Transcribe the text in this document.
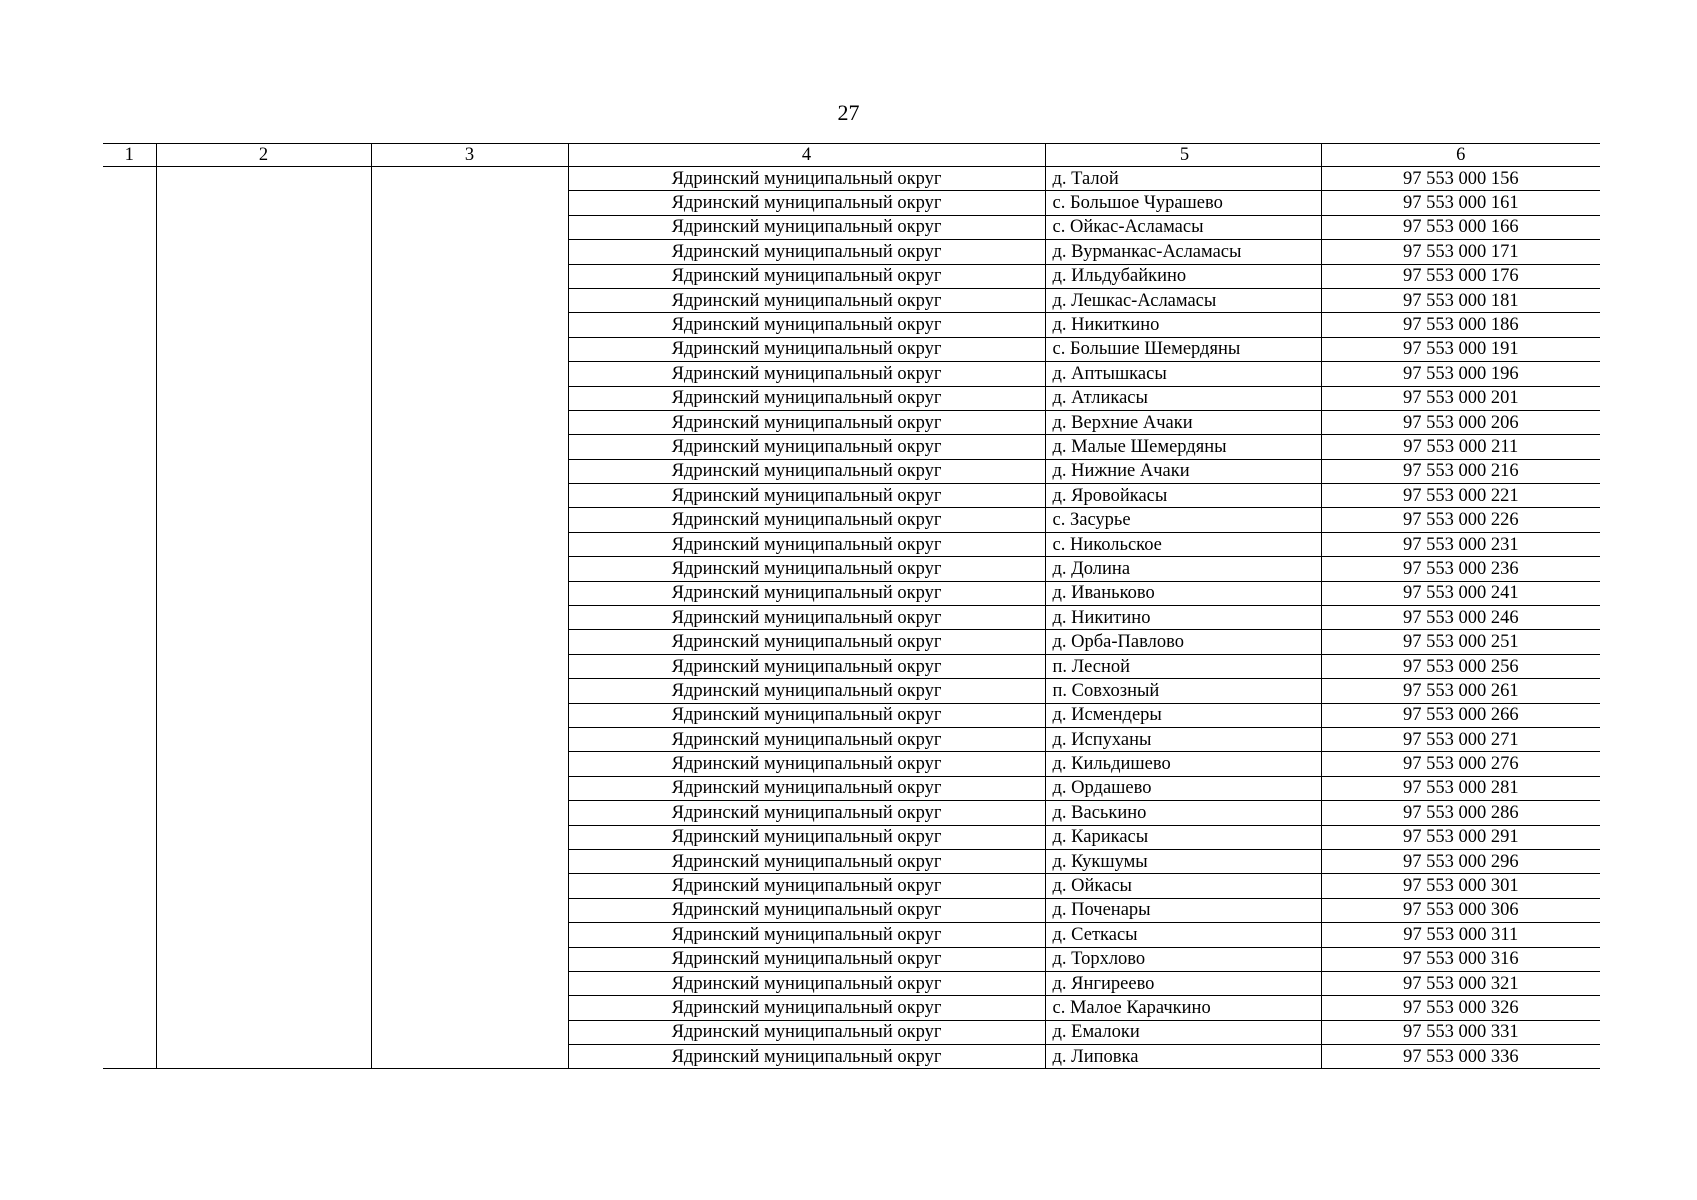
27
1	2	3	4	5	6
			Ядринский муниципальный округ	д. Талой	97 553 000 156
			Ядринский муниципальный округ	с. Большое Чурашево	97 553 000 161
			Ядринский муниципальный округ	с. Ойкас-Асламасы	97 553 000 166
			Ядринский муниципальный округ	д. Вурманкас-Асламасы	97 553 000 171
			Ядринский муниципальный округ	д. Ильдубайкино	97 553 000 176
			Ядринский муниципальный округ	д. Лешкас-Асламасы	97 553 000 181
			Ядринский муниципальный округ	д. Никиткино	97 553 000 186
			Ядринский муниципальный округ	с. Большие Шемердяны	97 553 000 191
			Ядринский муниципальный округ	д. Аптышкасы	97 553 000 196
			Ядринский муниципальный округ	д. Атликасы	97 553 000 201
			Ядринский муниципальный округ	д. Верхние Ачаки	97 553 000 206
			Ядринский муниципальный округ	д. Малые Шемердяны	97 553 000 211
			Ядринский муниципальный округ	д. Нижние Ачаки	97 553 000 216
			Ядринский муниципальный округ	д. Яровойкасы	97 553 000 221
			Ядринский муниципальный округ	с. Засурье	97 553 000 226
			Ядринский муниципальный округ	с. Никольское	97 553 000 231
			Ядринский муниципальный округ	д. Долина	97 553 000 236
			Ядринский муниципальный округ	д. Иваньково	97 553 000 241
			Ядринский муниципальный округ	д. Никитино	97 553 000 246
			Ядринский муниципальный округ	д. Орба-Павлово	97 553 000 251
			Ядринский муниципальный округ	п. Лесной	97 553 000 256
			Ядринский муниципальный округ	п. Совхозный	97 553 000 261
			Ядринский муниципальный округ	д. Исмендеры	97 553 000 266
			Ядринский муниципальный округ	д. Испуханы	97 553 000 271
			Ядринский муниципальный округ	д. Кильдишево	97 553 000 276
			Ядринский муниципальный округ	д. Ордашево	97 553 000 281
			Ядринский муниципальный округ	д. Васькино	97 553 000 286
			Ядринский муниципальный округ	д. Карикасы	97 553 000 291
			Ядринский муниципальный округ	д. Кукшумы	97 553 000 296
			Ядринский муниципальный округ	д. Ойкасы	97 553 000 301
			Ядринский муниципальный округ	д. Поченары	97 553 000 306
			Ядринский муниципальный округ	д. Сеткасы	97 553 000 311
			Ядринский муниципальный округ	д. Торхлово	97 553 000 316
			Ядринский муниципальный округ	д. Янгиреево	97 553 000 321
			Ядринский муниципальный округ	с. Малое Карачкино	97 553 000 326
			Ядринский муниципальный округ	д. Емалоки	97 553 000 331
			Ядринский муниципальный округ	д. Липовка	97 553 000 336
